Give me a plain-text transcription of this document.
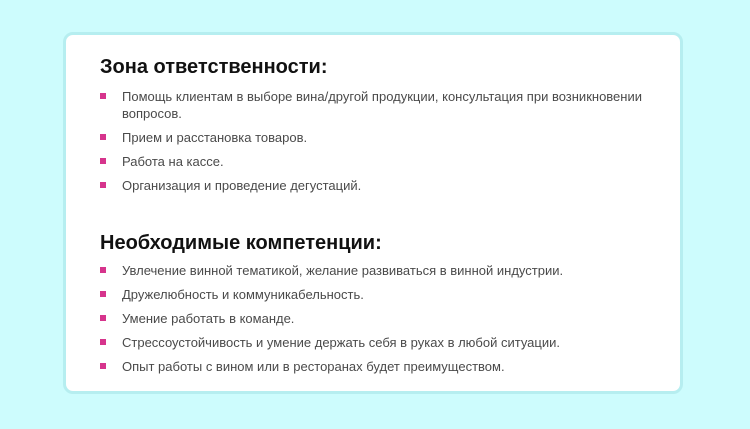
Зона ответственности:
Помощь клиентам в выборе вина/другой продукции, консультация при возникновении вопросов.
Прием и расстановка товаров.
Работа на кассе.
Организация и проведение дегустаций.
Необходимые компетенции:
Увлечение винной тематикой, желание развиваться в винной индустрии.
Дружелюбность и коммуникабельность.
Умение работать в команде.
Стрессоустойчивость и умение держать себя в руках в любой ситуации.
Опыт работы с вином или в ресторанах будет преимуществом.
